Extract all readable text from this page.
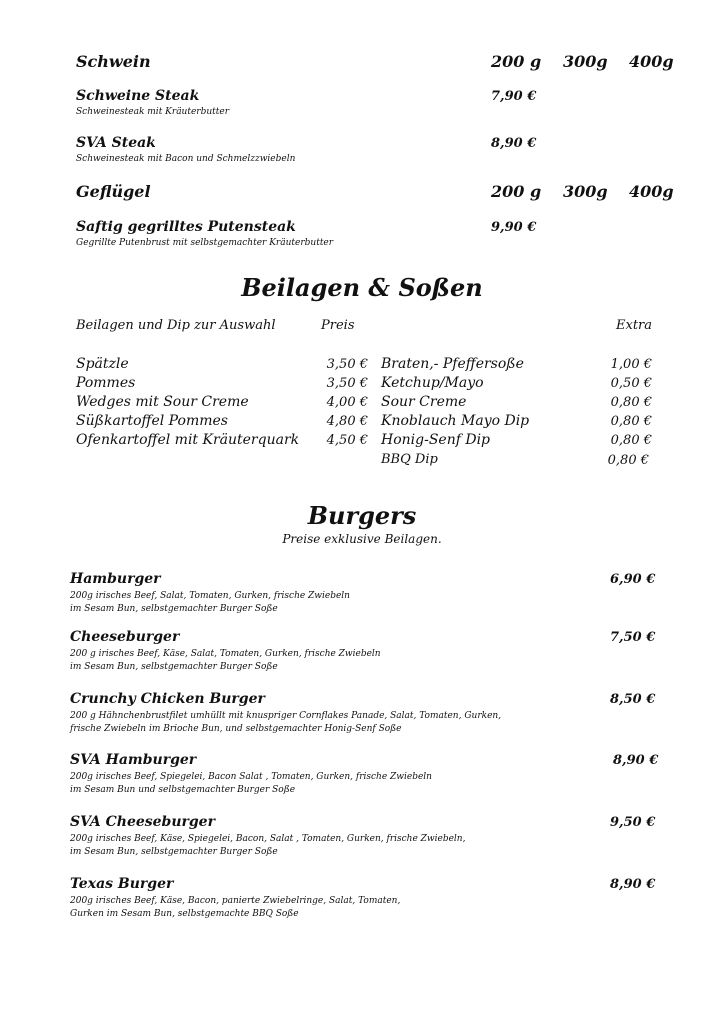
Schwein	200 g 300g 400g
Schweine Steak
Schweinesteak mit Kräuterbutter
7,90 €
SVA Steak
Schweinesteak mit Bacon und Schmelzzwiebeln
8,90 €
Geflügel	200 g 300g 400g
Saftig gegrilltes Putensteak
Gegrillte Putenbrust mit selbstgemachter Kräuterbutter
9,90 €
Beilagen & Soßen
Beilagen und Dip zur Auswahl	Preis	Extra
Spätzle	3,50 €
Pommes	3,50 €
Wedges mit Sour Creme	4,00 €
Süßkartoffel Pommes	4,80 €
Ofenkartoffel mit Kräuterquark	4,50 €
Braten,- Pfeffersoße	1,00 €
Ketchup/Mayo	0,50 €
Sour Creme	0,80 €
Knoblauch Mayo Dip	0,80 €
Honig-Senf Dip	0,80 €
BBQ Dip	0,80 €
Burgers
Preise exklusive Beilagen.
Hamburger
200g irisches Beef, Salat, Tomaten, Gurken, frische Zwiebeln
im Sesam Bun, selbstgemachter Burger Soße
6,90 €
Cheeseburger
200 g irisches Beef, Käse, Salat, Tomaten, Gurken, frische Zwiebeln
im Sesam Bun, selbstgemachter Burger Soße
7,50 €
Crunchy Chicken Burger
200 g Hähnchenbrustfilet umhüllt mit knuspriger Cornflakes Panade, Salat, Tomaten, Gurken,
frische Zwiebeln im Brioche Bun, und selbstgemachter Honig-Senf Soße
8,50 €
SVA Hamburger
200g irisches Beef, Spiegelei, Bacon Salat , Tomaten, Gurken, frische Zwiebeln
im Sesam Bun und selbstgemachter Burger Soße
8,90 €
SVA Cheeseburger
200g irisches Beef, Käse, Spiegelei, Bacon, Salat , Tomaten, Gurken, frische Zwiebeln,
im Sesam Bun, selbstgemachter Burger Soße
9,50 €
Texas Burger
200g irisches Beef, Käse, Bacon, panierte Zwiebelringe, Salat, Tomaten,
Gurken im Sesam Bun, selbstgemachte BBQ Soße
8,90 €
